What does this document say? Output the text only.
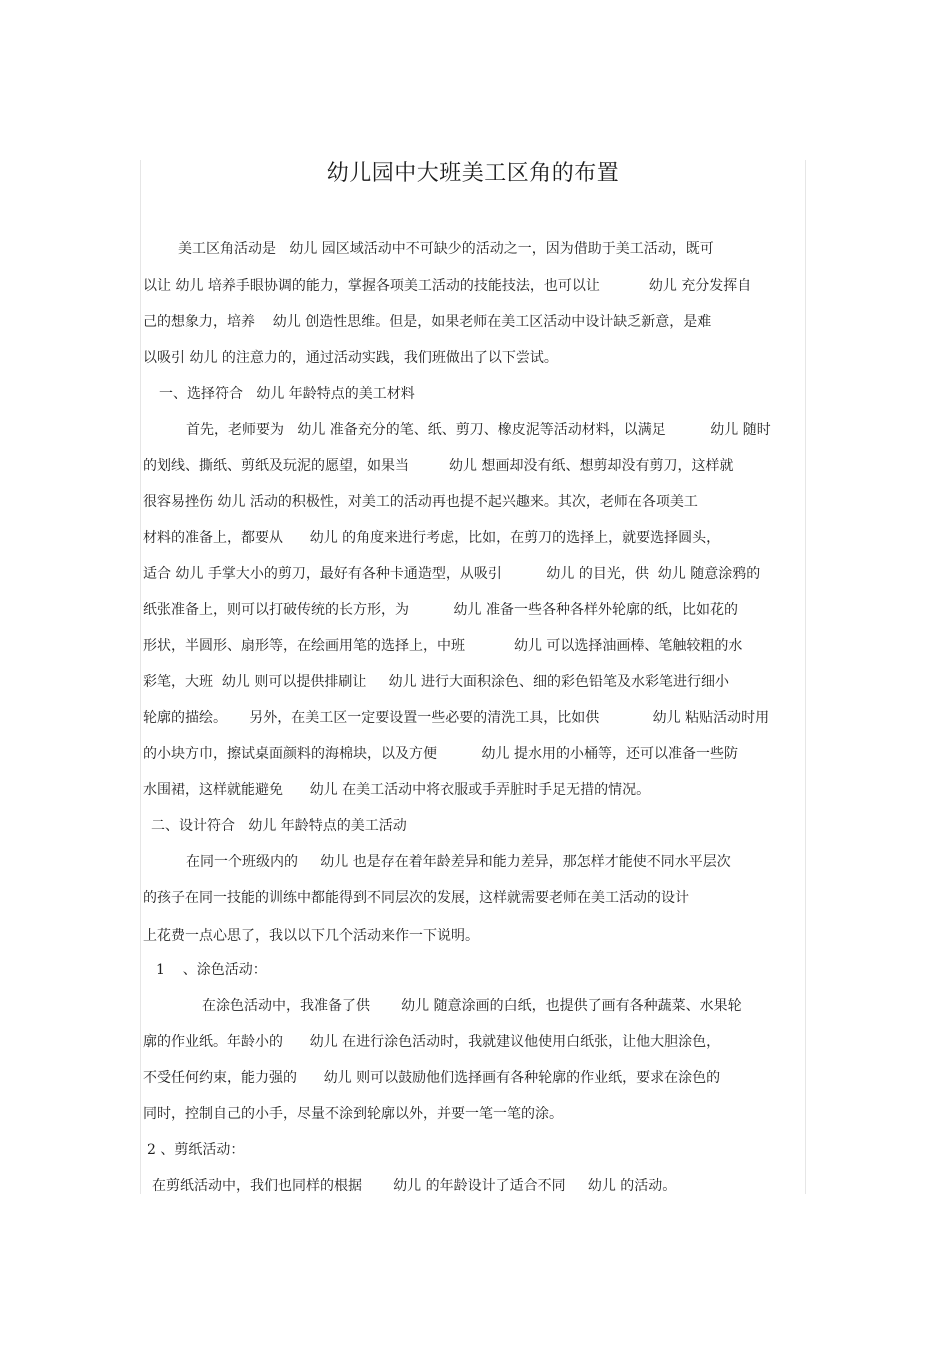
幼儿园中大班美工区角的布置
美工区角活动是   幼儿 园区域活动中不可缺少的活动之一，因为借助于美工活动，既可
以让 幼儿 培养手眼协调的能力，掌握各项美工活动的技能技法，也可以让           幼儿 充分发挥自
己的想象力，培养    幼儿 创造性思维。但是，如果老师在美工区活动中设计缺乏新意，是难
以吸引 幼儿 的注意力的，通过活动实践，我们班做出了以下尝试。
一、选择符合   幼儿 年龄特点的美工材料
首先，老师要为   幼儿 准备充分的笔、纸、剪刀、橡皮泥等活动材料，以满足          幼儿 随时
的划线、撕纸、剪纸及玩泥的愿望，如果当         幼儿 想画却没有纸、想剪却没有剪刀，这样就
很容易挫伤 幼儿 活动的积极性，对美工的活动再也提不起兴趣来。其次，老师在各项美工
材料的准备上，都要从      幼儿 的角度来进行考虑，比如，在剪刀的选择上，就要选择圆头，
适合 幼儿 手掌大小的剪刀，最好有各种卡通造型，从吸引          幼儿 的目光，供  幼儿 随意涂鸦的
纸张准备上，则可以打破传统的长方形，为          幼儿 准备一些各种各样外轮廓的纸，比如花的
形状，半圆形、扇形等，在绘画用笔的选择上，中班           幼儿 可以选择油画棒、笔触较粗的水
彩笔，大班  幼儿 则可以提供排刷让     幼儿 进行大面积涂色、细的彩色铅笔及水彩笔进行细小
轮廓的描绘。     另外，在美工区一定要设置一些必要的清洗工具，比如供            幼儿 粘贴活动时用
的小块方巾，擦试桌面颜料的海棉块，以及方便          幼儿 提水用的小桶等，还可以准备一些防
水围裙，这样就能避免      幼儿 在美工活动中将衣服或手弄脏时手足无措的情况。
二、设计符合   幼儿 年龄特点的美工活动
在同一个班级内的     幼儿 也是存在着年龄差异和能力差异，那怎样才能使不同水平层次
的孩子在同一技能的训练中都能得到不同层次的发展，这样就需要老师在美工活动的设计
上花费一点心思了，我以以下几个活动来作一下说明。
1    、涂色活动：
在涂色活动中，我准备了供       幼儿 随意涂画的白纸，也提供了画有各种蔬菜、水果轮
廓的作业纸。年龄小的      幼儿 在进行涂色活动时，我就建议他使用白纸张，让他大胆涂色，
不受任何约束，能力强的      幼儿 则可以鼓励他们选择画有各种轮廓的作业纸，要求在涂色的
同时，控制自己的小手，尽量不涂到轮廓以外，并要一笔一笔的涂。
2 、剪纸活动：
在剪纸活动中，我们也同样的根据       幼儿 的年龄设计了适合不同     幼儿 的活动。
